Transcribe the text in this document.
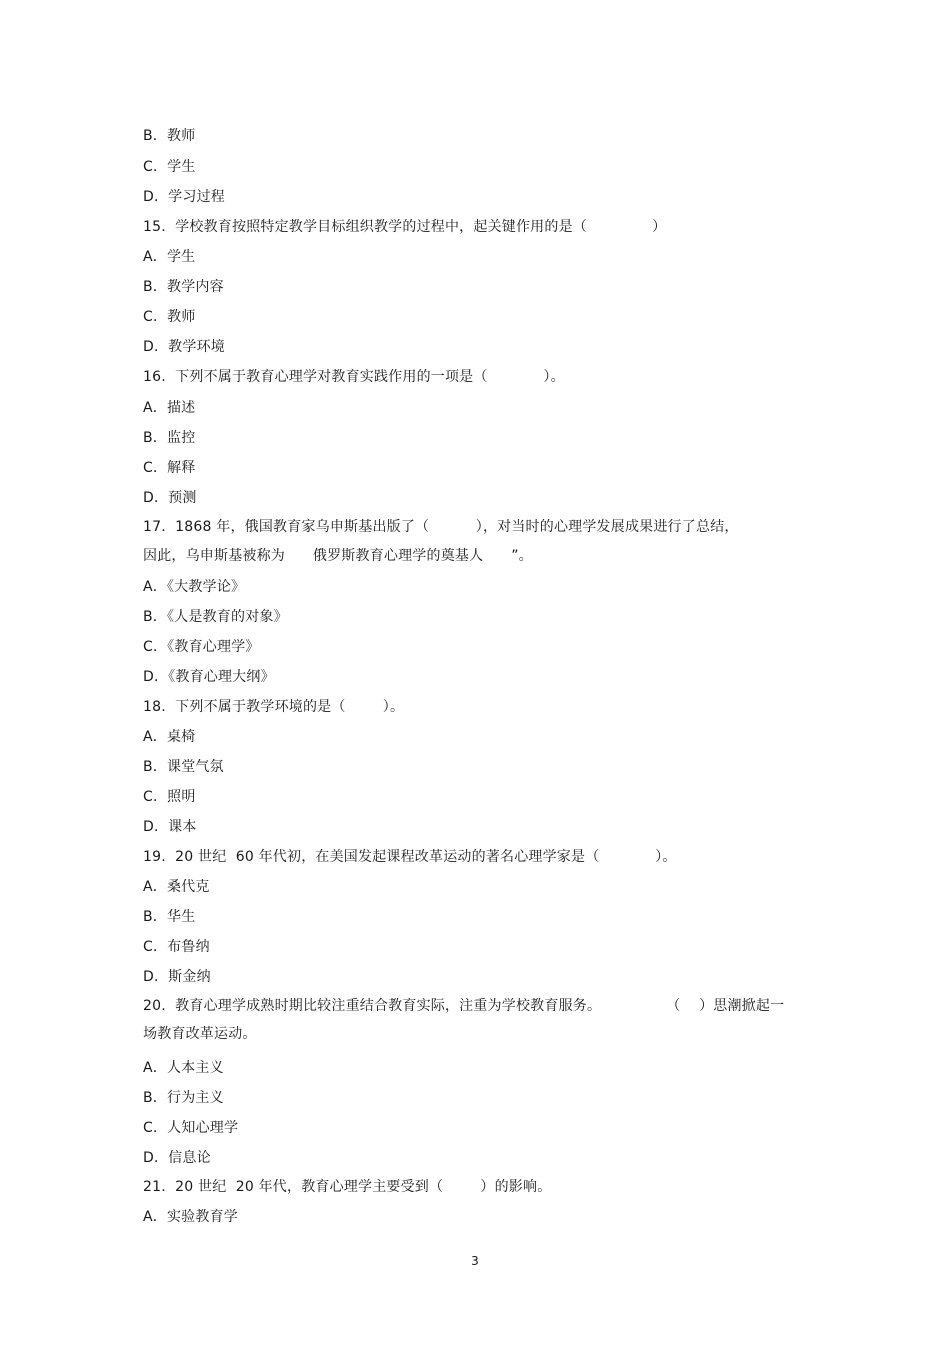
B．教师
C．学生
D．学习过程
15.  学校教育按照特定教学目标组织教学的过程中，起关键作用的是（              ）
A．学生
B．教学内容
C．教师
D．教学环境
16.  下列不属于教育心理学对教育实践作用的一项是（            ）。
A．描述
B．监控
C．解释
D．预测
17.  1868 年，俄国教育家乌申斯基出版了（          ），对当时的心理学发展成果进行了总结，
因此，乌申斯基被称为      俄罗斯教育心理学的奠基人      ”。
A．《大教学论》
B．《人是教育的对象》
C．《教育心理学》
D．《教育心理大纲》
18.  下列不属于教学环境的是（        ）。
A．桌椅
B．课堂气氛
C．照明
D．课本
19.  20 世纪  60 年代初，在美国发起课程改革运动的著名心理学家是（            ）。
A．桑代克
B．华生
C．布鲁纳
D．斯金纳
20.  教育心理学成熟时期比较注重结合教育实际，注重为学校教育服务。              （    ）思潮掀起一
场教育改革运动。
A．人本主义
B．行为主义
C．人知心理学
D．信息论
21.  20 世纪  20 年代，教育心理学主要受到（        ）的影响。
A．实验教育学
3
